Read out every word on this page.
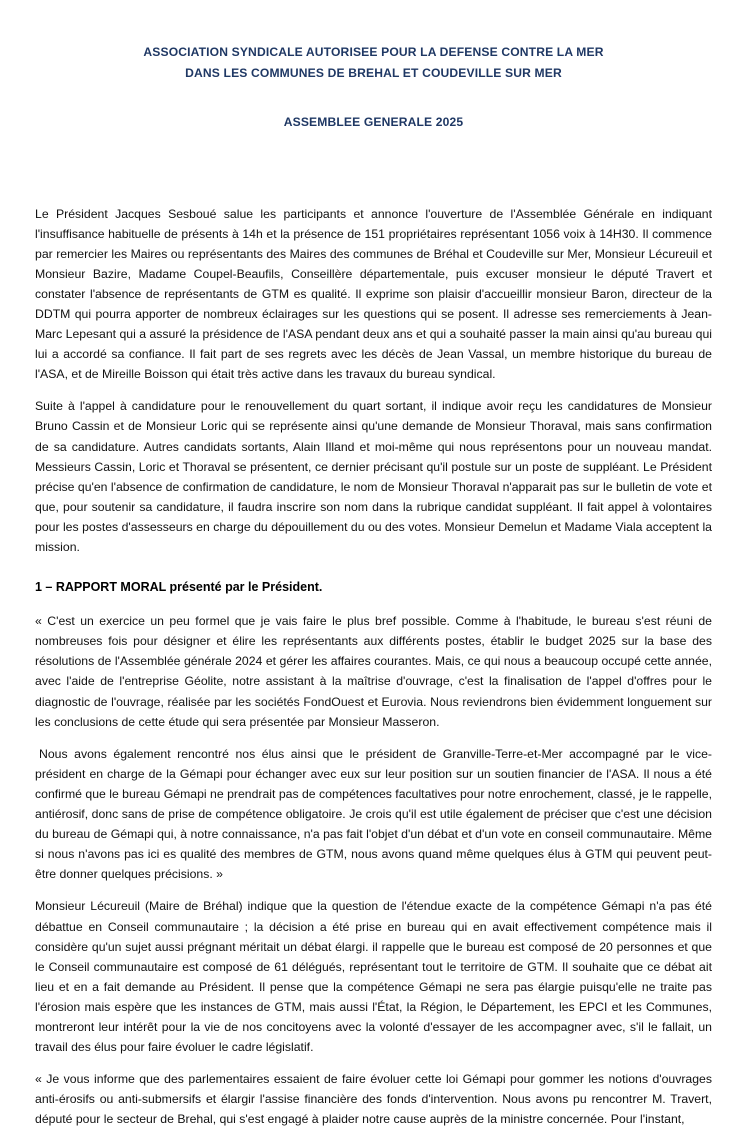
ASSOCIATION SYNDICALE AUTORISEE POUR LA DEFENSE CONTRE LA MER
DANS LES COMMUNES DE BREHAL ET COUDEVILLE SUR MER
ASSEMBLEE GENERALE 2025

Le Président Jacques Sesboué salue les participants et annonce l'ouverture de l'Assemblée Générale en indiquant l'insuffisance habituelle de présents à 14h et la présence de 151 propriétaires représentant 1056 voix à 14H30. Il commence par remercier les Maires ou représentants des Maires des communes de Bréhal et Coudeville sur Mer, Monsieur Lécureuil et Monsieur Bazire, Madame Coupel-Beaufils, Conseillère départementale, puis excuser monsieur le député Travert et constater l'absence de représentants de GTM es qualité. Il exprime son plaisir d'accueillir monsieur Baron, directeur de la DDTM qui pourra apporter de nombreux éclairages sur les questions qui se posent. Il adresse ses remerciements à Jean-Marc Lepesant qui a assuré la présidence de l'ASA pendant deux ans et qui a souhaité passer la main ainsi qu'au bureau qui lui a accordé sa confiance. Il fait part de ses regrets avec les décès de Jean Vassal, un membre historique du bureau de l'ASA, et de Mireille Boisson qui était très active dans les travaux du bureau syndical.

Suite à l'appel à candidature pour le renouvellement du quart sortant, il indique avoir reçu les candidatures de Monsieur Bruno Cassin et de Monsieur Loric qui se représente ainsi qu'une demande de Monsieur Thoraval, mais sans confirmation de sa candidature. Autres candidats sortants, Alain Illand et moi-même qui nous représentons pour un nouveau mandat. Messieurs Cassin, Loric et Thoraval se présentent, ce dernier précisant qu'il postule sur un poste de suppléant. Le Président précise qu'en l'absence de confirmation de candidature, le nom de Monsieur Thoraval n'apparait pas sur le bulletin de vote et que, pour soutenir sa candidature, il faudra inscrire son nom dans la rubrique candidat suppléant. Il fait appel à volontaires pour les postes d'assesseurs en charge du dépouillement du ou des votes. Monsieur Demelun et Madame Viala acceptent la mission.

1 – RAPPORT MORAL présenté par le Président.

« C'est un exercice un peu formel que je vais faire le plus bref possible. Comme à l'habitude, le bureau s'est réuni de nombreuses fois pour désigner et élire les représentants aux différents postes, établir le budget 2025 sur la base des résolutions de l'Assemblée générale 2024 et gérer les affaires courantes. Mais, ce qui nous a beaucoup occupé cette année, avec l'aide de l'entreprise Géolite, notre assistant à la maîtrise d'ouvrage, c'est la finalisation de l'appel d'offres pour le diagnostic de l'ouvrage, réalisée par les sociétés FondOuest et Eurovia. Nous reviendrons bien évidemment longuement sur les conclusions de cette étude qui sera présentée par Monsieur Masseron.

Nous avons également rencontré nos élus ainsi que le président de Granville-Terre-et-Mer accompagné par le vice-président en charge de la Gémapi pour échanger avec eux sur leur position sur un soutien financier de l'ASA. Il nous a été confirmé que le bureau Gémapi ne prendrait pas de compétences facultatives pour notre enrochement, classé, je le rappelle, antiérosif, donc sans de prise de compétence obligatoire. Je crois qu'il est utile également de préciser que c'est une décision du bureau de Gémapi qui, à notre connaissance, n'a pas fait l'objet d'un débat et d'un vote en conseil communautaire. Même si nous n'avons pas ici es qualité des membres de GTM, nous avons quand même quelques élus à GTM qui peuvent peut-être donner quelques précisions. »

Monsieur Lécureuil (Maire de Bréhal) indique que la question de l'étendue exacte de la compétence Gémapi n'a pas été débattue en Conseil communautaire ; la décision a été prise en bureau qui en avait effectivement compétence mais il considère qu'un sujet aussi prégnant méritait un débat élargi. il rappelle que le bureau est composé de 20 personnes et que le Conseil communautaire est composé de 61 délégués, représentant tout le territoire de GTM. Il souhaite que ce débat ait lieu et en a fait demande au Président. Il pense que la compétence Gémapi ne sera pas élargie puisqu'elle ne traite pas l'érosion mais espère que les instances de GTM, mais aussi l'État, la Région, le Département, les EPCI et les Communes, montreront leur intérêt pour la vie de nos concitoyens avec la volonté d'essayer de les accompagner avec, s'il le fallait, un travail des élus pour faire évoluer le cadre législatif.

« Je vous informe que des parlementaires essaient de faire évoluer cette loi Gémapi pour gommer les notions d'ouvrages anti-érosifs ou anti-submersifs et élargir l'assise financière des fonds d'intervention. Nous avons pu rencontrer M. Travert, député pour le secteur de Brehal, qui s'est engagé à plaider notre cause auprès de la ministre concernée. Pour l'instant,
